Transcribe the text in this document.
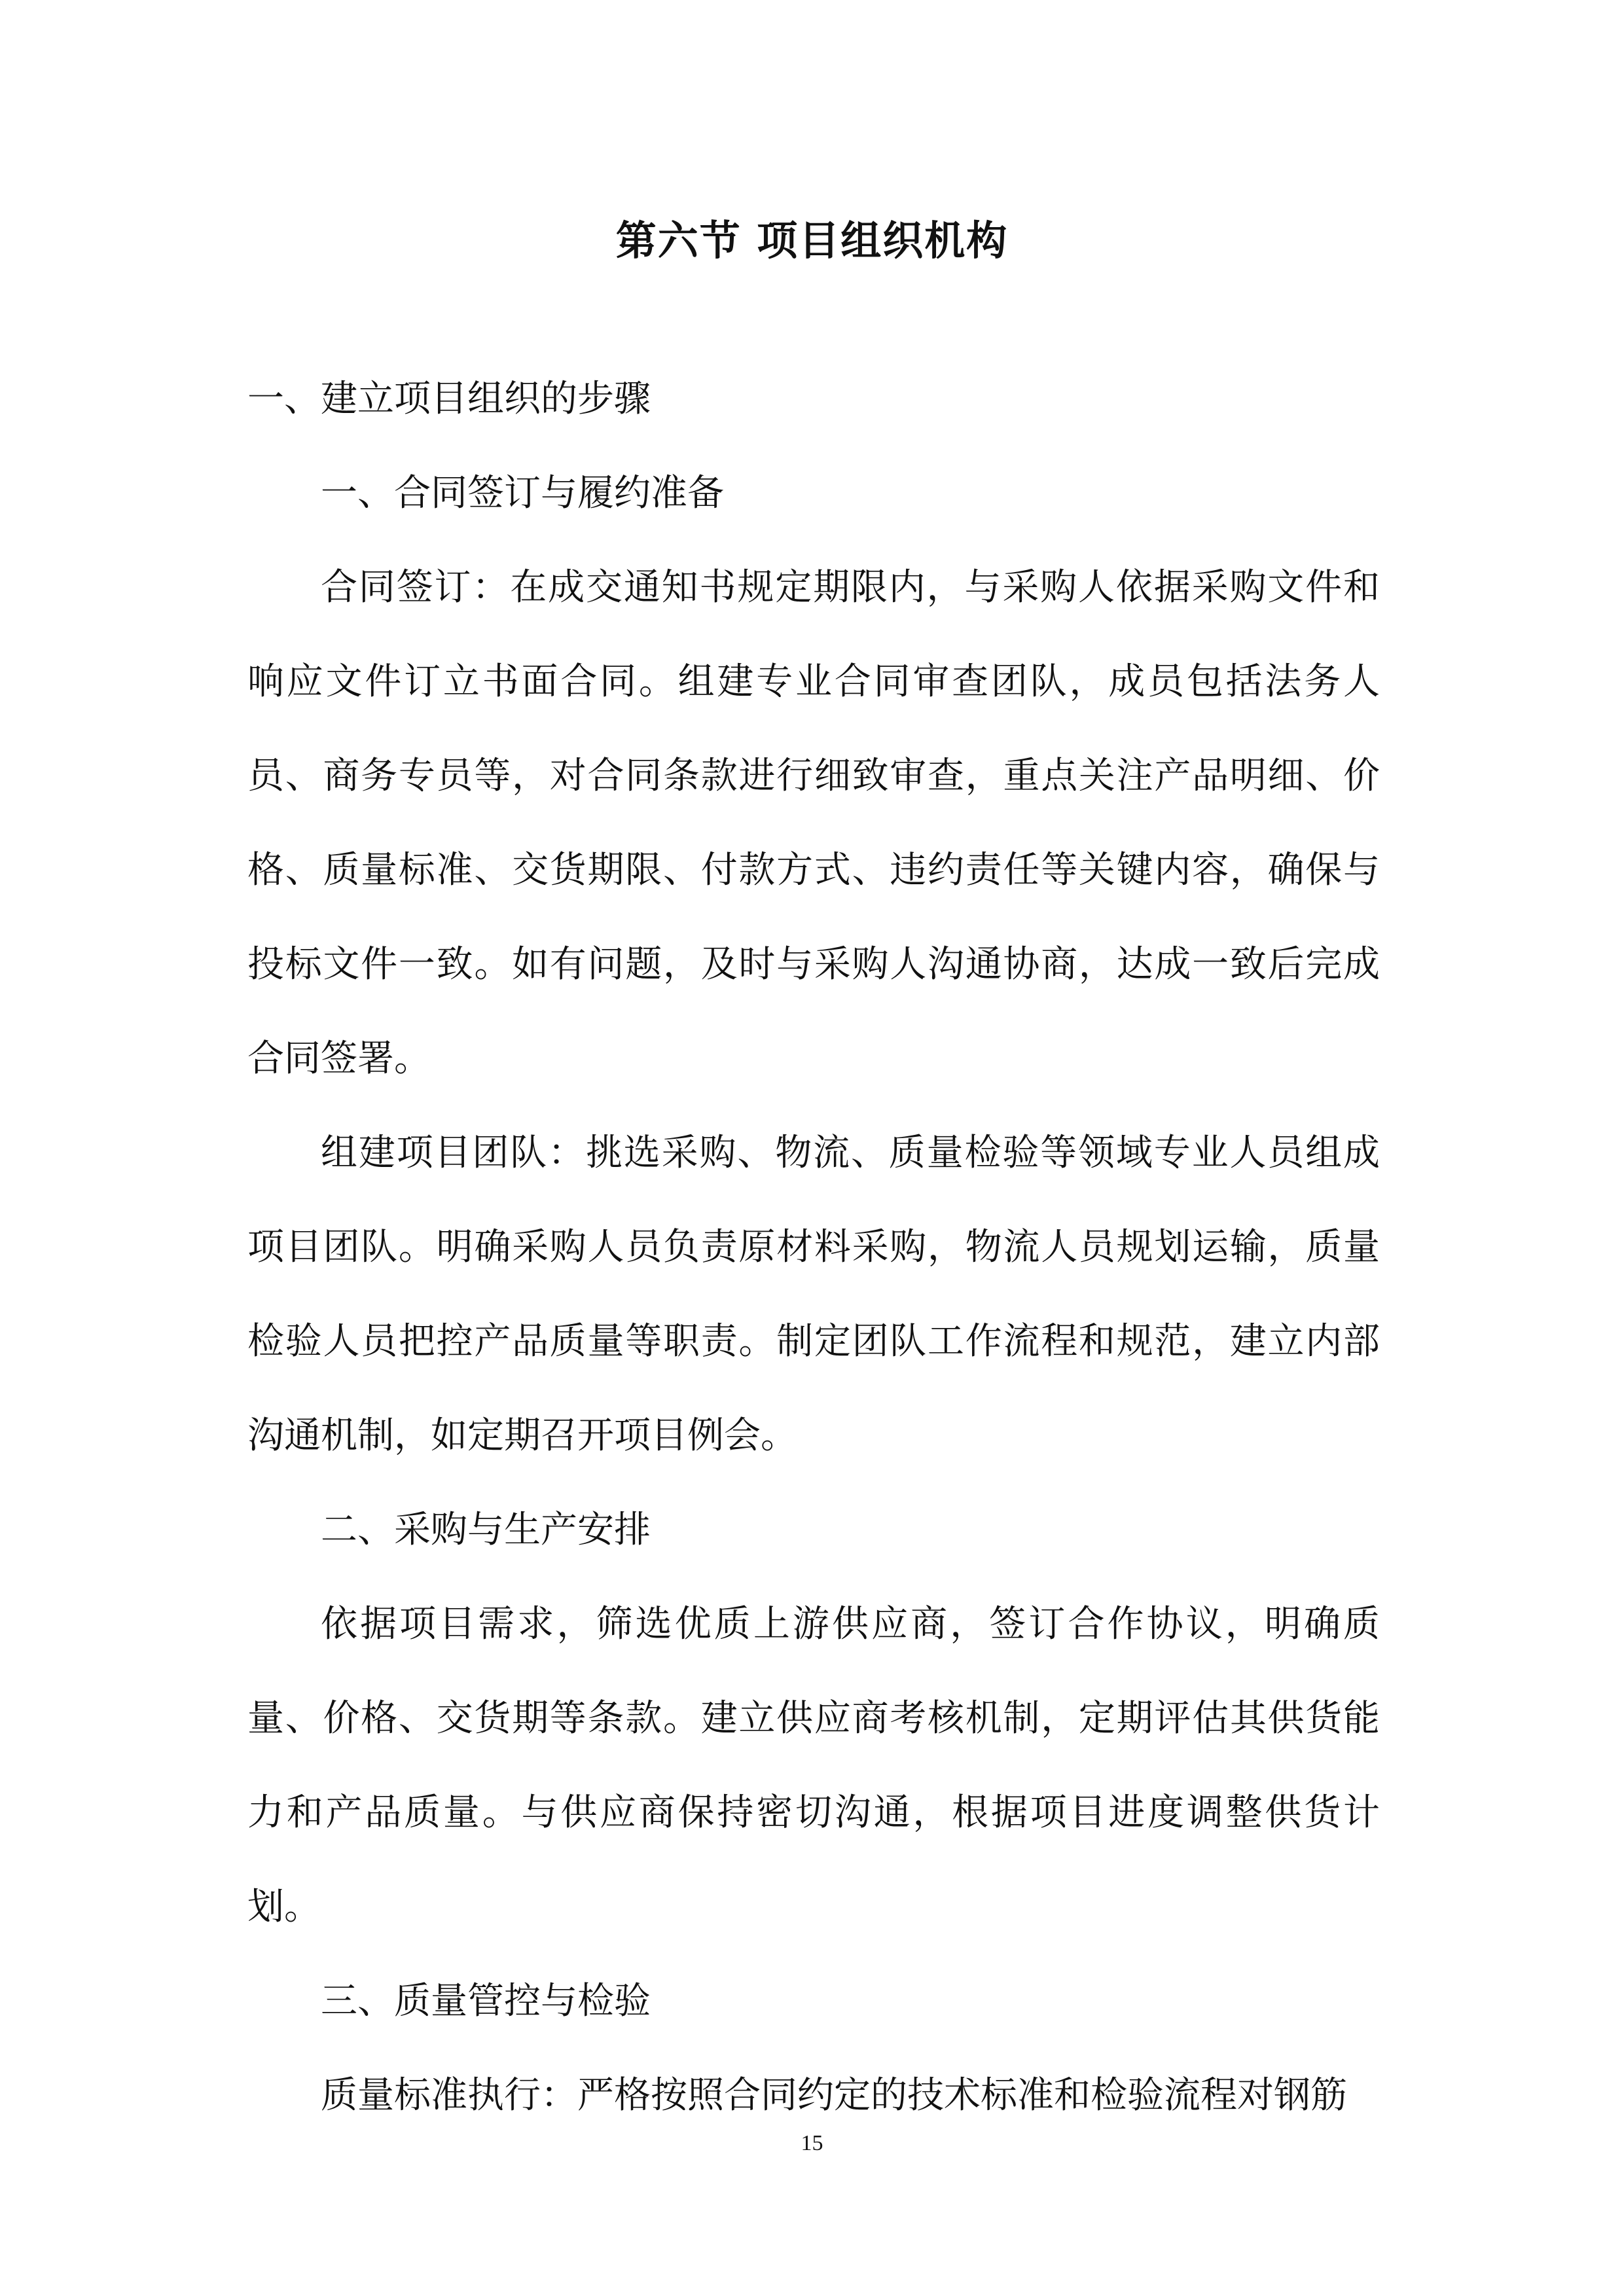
第六节 项目组织机构

一、建立项目组织的步骤

一、合同签订与履约准备

合同签订：在成交通知书规定期限内，与采购人依据采购文件和响应文件订立书面合同。组建专业合同审查团队，成员包括法务人员、商务专员等，对合同条款进行细致审查，重点关注产品明细、价格、质量标准、交货期限、付款方式、违约责任等关键内容，确保与投标文件一致。如有问题，及时与采购人沟通协商，达成一致后完成合同签署。

组建项目团队：挑选采购、物流、质量检验等领域专业人员组成项目团队。明确采购人员负责原材料采购，物流人员规划运输，质量检验人员把控产品质量等职责。制定团队工作流程和规范，建立内部沟通机制，如定期召开项目例会。

二、采购与生产安排

依据项目需求，筛选优质上游供应商，签订合作协议，明确质量、价格、交货期等条款。建立供应商考核机制，定期评估其供货能力和产品质量。与供应商保持密切沟通，根据项目进度调整供货计划。

三、质量管控与检验

质量标准执行：严格按照合同约定的技术标准和检验流程对钢筋

15
